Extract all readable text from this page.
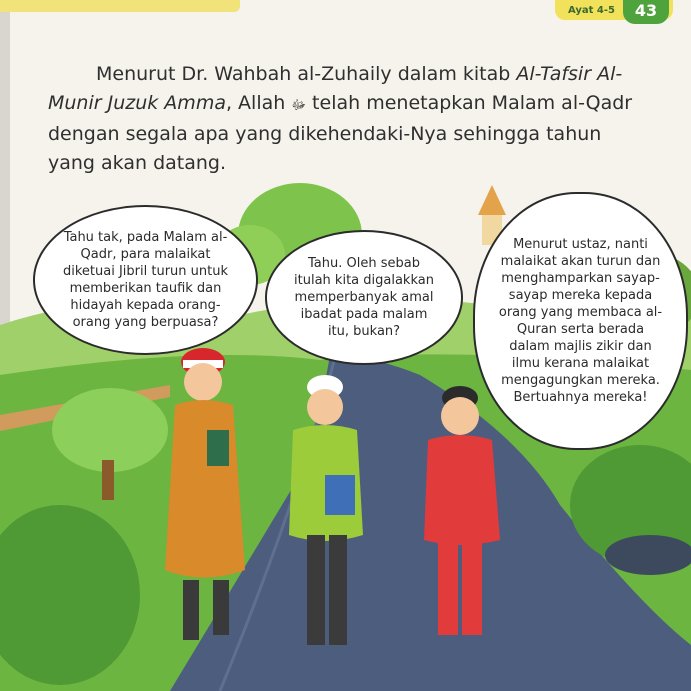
Ayat 4-5	43
Menurut Dr. Wahbah al-Zuhaily dalam kitab Al-Tafsir Al-Munir Juzuk Amma, Allah ﷻ telah menetapkan Malam al-Qadr dengan segala apa yang dikehendaki-Nya sehingga tahun yang akan datang.
Tahu tak, pada Malam al-Qadr, para malaikat diketuai Jibril turun untuk memberikan taufik dan hidayah kepada orang-orang yang berpuasa?
Tahu. Oleh sebab itulah kita digalakkan memperbanyak amal ibadat pada malam itu, bukan?
Menurut ustaz, nanti malaikat akan turun dan menghamparkan sayap-sayap mereka kepada orang yang membaca al-Quran serta berada dalam majlis zikir dan ilmu kerana malaikat mengagungkan mereka. Bertuahnya mereka!
